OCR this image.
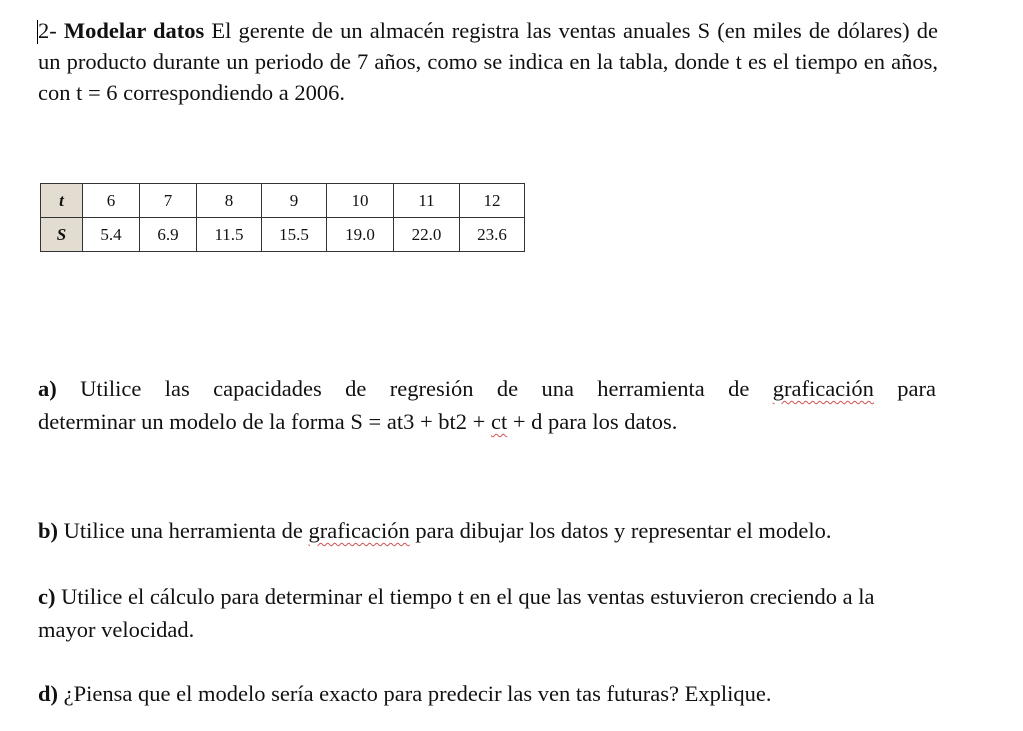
2- Modelar datos El gerente de un almacén registra las ventas anuales S (en miles de dólares) de un producto durante un periodo de 7 años, como se indica en la tabla, donde t es el tiempo en años, con t = 6 correspondiendo a 2006.
t	6	7	8	9	10	11	12
S	5.4	6.9	11.5	15.5	19.0	22.0	23.6
a) Utilice las capacidades de regresión de una herramienta de graficación para
determinar un modelo de la forma S = at3 + bt2 + ct + d para los datos.
b) Utilice una herramienta de graficación para dibujar los datos y representar el modelo.
c) Utilice el cálculo para determinar el tiempo t en el que las ventas estuvieron creciendo a la mayor velocidad.
d) ¿Piensa que el modelo sería exacto para predecir las ven tas futuras? Explique.
